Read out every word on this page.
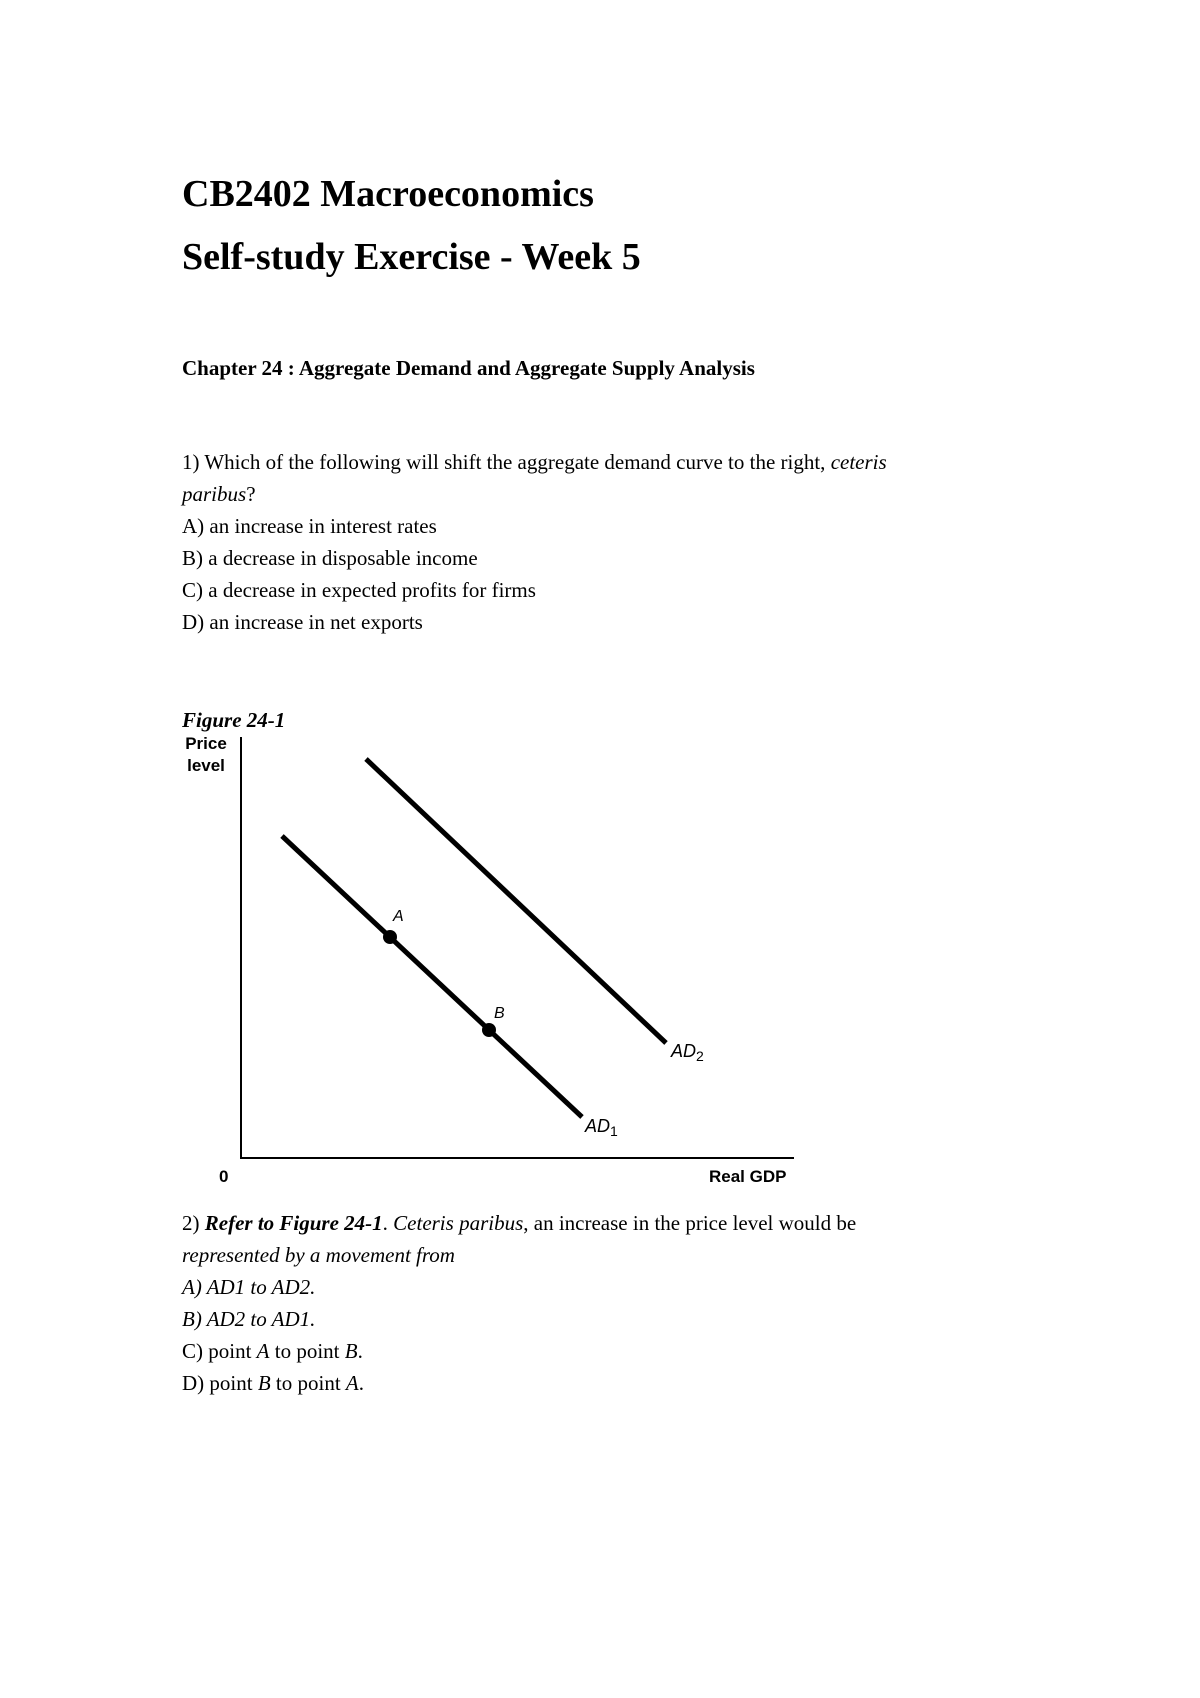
CB2402 Macroeconomics
Self-study Exercise - Week 5
Chapter 24 : Aggregate Demand and Aggregate Supply Analysis
1) Which of the following will shift the aggregate demand curve to the right, ceteris
paribus?
A) an increase in interest rates
B) a decrease in disposable income
C) a decrease in expected profits for firms
D) an increase in net exports
Figure 24-1
Price
level
A
B
$AD_2$
$AD_1$
0	Real GDP
2) Refer to Figure 24-1. Ceteris paribus, an increase in the price level would be
represented by a movement from
A) AD1 to AD2.
B) AD2 to AD1.
C) point A to point B.
D) point B to point A.
